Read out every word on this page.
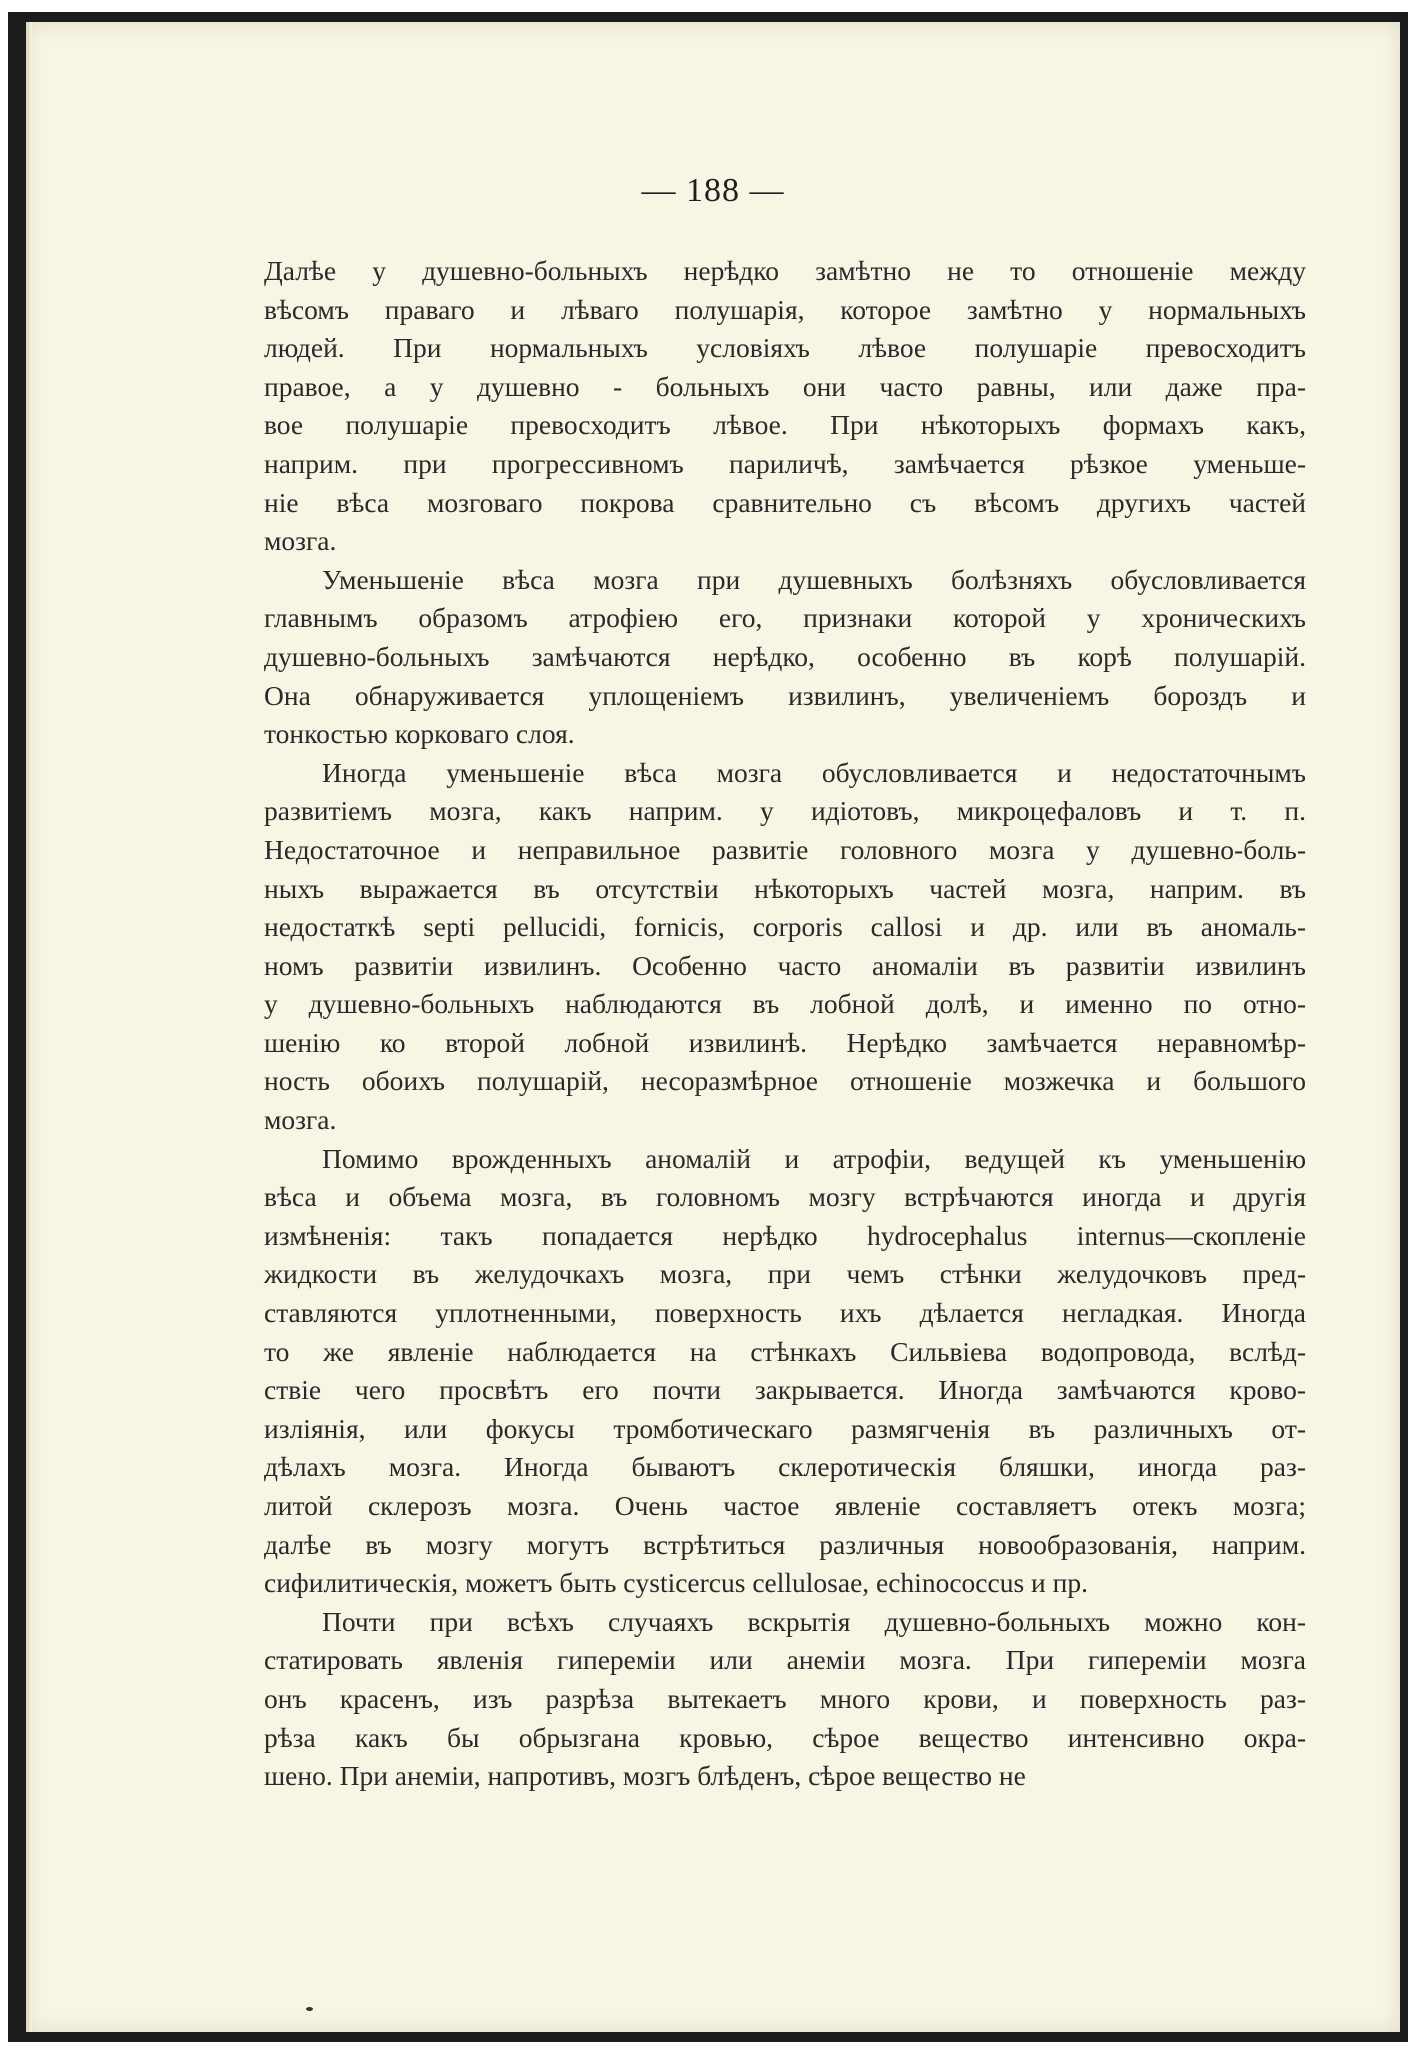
— 188 —

Далѣе у душевно-больныхъ нерѣдко замѣтно не то отношеніе между
вѣсомъ праваго и лѣваго полушарія, которое замѣтно у нормальныхъ
людей. При нормальныхъ условіяхъ лѣвое полушаріе превосходитъ
правое, а у душевно - больныхъ они часто равны, или даже пра-
вое полушаріе превосходитъ лѣвое. При нѣкоторыхъ формахъ какъ,
наприм. при прогрессивномъ париличѣ, замѣчается рѣзкое уменьше-
ніе вѣса мозговаго покрова сравнительно съ вѣсомъ другихъ частей
мозга.

Уменьшеніе вѣса мозга при душевныхъ болѣзняхъ обусловливается
главнымъ образомъ атрофіею его, признаки которой у хроническихъ
душевно-больныхъ замѣчаются нерѣдко, особенно въ корѣ полушарій.
Она обнаруживается уплощеніемъ извилинъ, увеличеніемъ бороздъ и
тонкостью корковаго слоя.

Иногда уменьшеніе вѣса мозга обусловливается и недостаточнымъ
развитіемъ мозга, какъ наприм. у идіотовъ, микроцефаловъ и т. п.
Недостаточное и неправильное развитіе головного мозга у душевно-боль-
ныхъ выражается въ отсутствіи нѣкоторыхъ частей мозга, наприм. въ
недостаткѣ septi pellucidi, fornicis, corporis callosi и др. или въ аномаль-
номъ развитіи извилинъ. Особенно часто аномаліи въ развитіи извилинъ
у душевно-больныхъ наблюдаются въ лобной долѣ, и именно по отно-
шенію ко второй лобной извилинѣ. Нерѣдко замѣчается неравномѣр-
ность обоихъ полушарій, несоразмѣрное отношеніе мозжечка и большого
мозга.

Помимо врожденныхъ аномалій и атрофіи, ведущей къ уменьшенію
вѣса и объема мозга, въ головномъ мозгу встрѣчаются иногда и другія
измѣненія: такъ попадается нерѣдко hydrocephalus internus—скопленіе
жидкости въ желудочкахъ мозга, при чемъ стѣнки желудочковъ пред-
ставляются уплотненными, поверхность ихъ дѣлается негладкая. Иногда
то же явленіе наблюдается на стѣнкахъ Сильвіева водопровода, вслѣд-
ствіе чего просвѣтъ его почти закрывается. Иногда замѣчаются крово-
изліянія, или фокусы тромботическаго размягченія въ различныхъ от-
дѣлахъ мозга. Иногда бываютъ склеротическія бляшки, иногда раз-
литой склерозъ мозга. Очень частое явленіе составляетъ отекъ мозга;
далѣе въ мозгу могутъ встрѣтиться различныя новообразованія, наприм.
сифилитическія, можетъ быть cysticercus cellulosae, echinococcus и пр.

Почти при всѣхъ случаяхъ вскрытія душевно-больныхъ можно кон-
статировать явленія гипереміи или анеміи мозга. При гипереміи мозга
онъ красенъ, изъ разрѣза вытекаетъ много крови, и поверхность раз-
рѣза какъ бы обрызгана кровью, сѣрое вещество интенсивно окра-
шено. При анеміи, напротивъ, мозгъ блѣденъ, сѣрое вещество не
